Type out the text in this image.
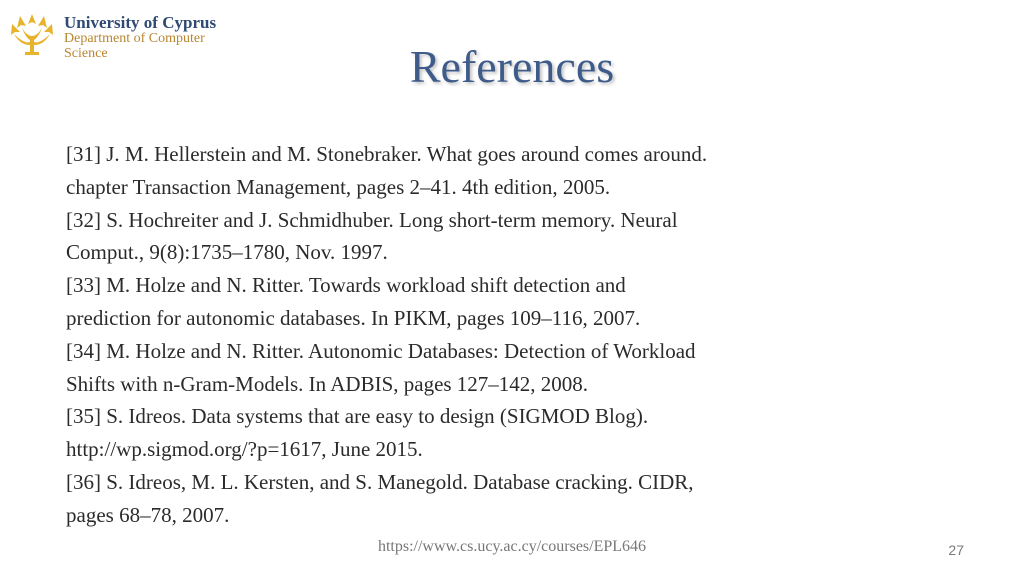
University of Cyprus
Department of Computer
Science	References
[31] J. M. Hellerstein and M. Stonebraker. What goes around comes around.
chapter Transaction Management, pages 2–41. 4th edition, 2005.
[32] S. Hochreiter and J. Schmidhuber. Long short-term memory. Neural
Comput., 9(8):1735–1780, Nov. 1997.
[33] M. Holze and N. Ritter. Towards workload shift detection and
prediction for autonomic databases. In PIKM, pages 109–116, 2007.
[34] M. Holze and N. Ritter. Autonomic Databases: Detection of Workload
Shifts with n-Gram-Models. In ADBIS, pages 127–142, 2008.
[35] S. Idreos. Data systems that are easy to design (SIGMOD Blog).
http://wp.sigmod.org/?p=1617, June 2015.
[36] S. Idreos, M. L. Kersten, and S. Manegold. Database cracking. CIDR,
pages 68–78, 2007.
https://www.cs.ucy.ac.cy/courses/EPL646	27
